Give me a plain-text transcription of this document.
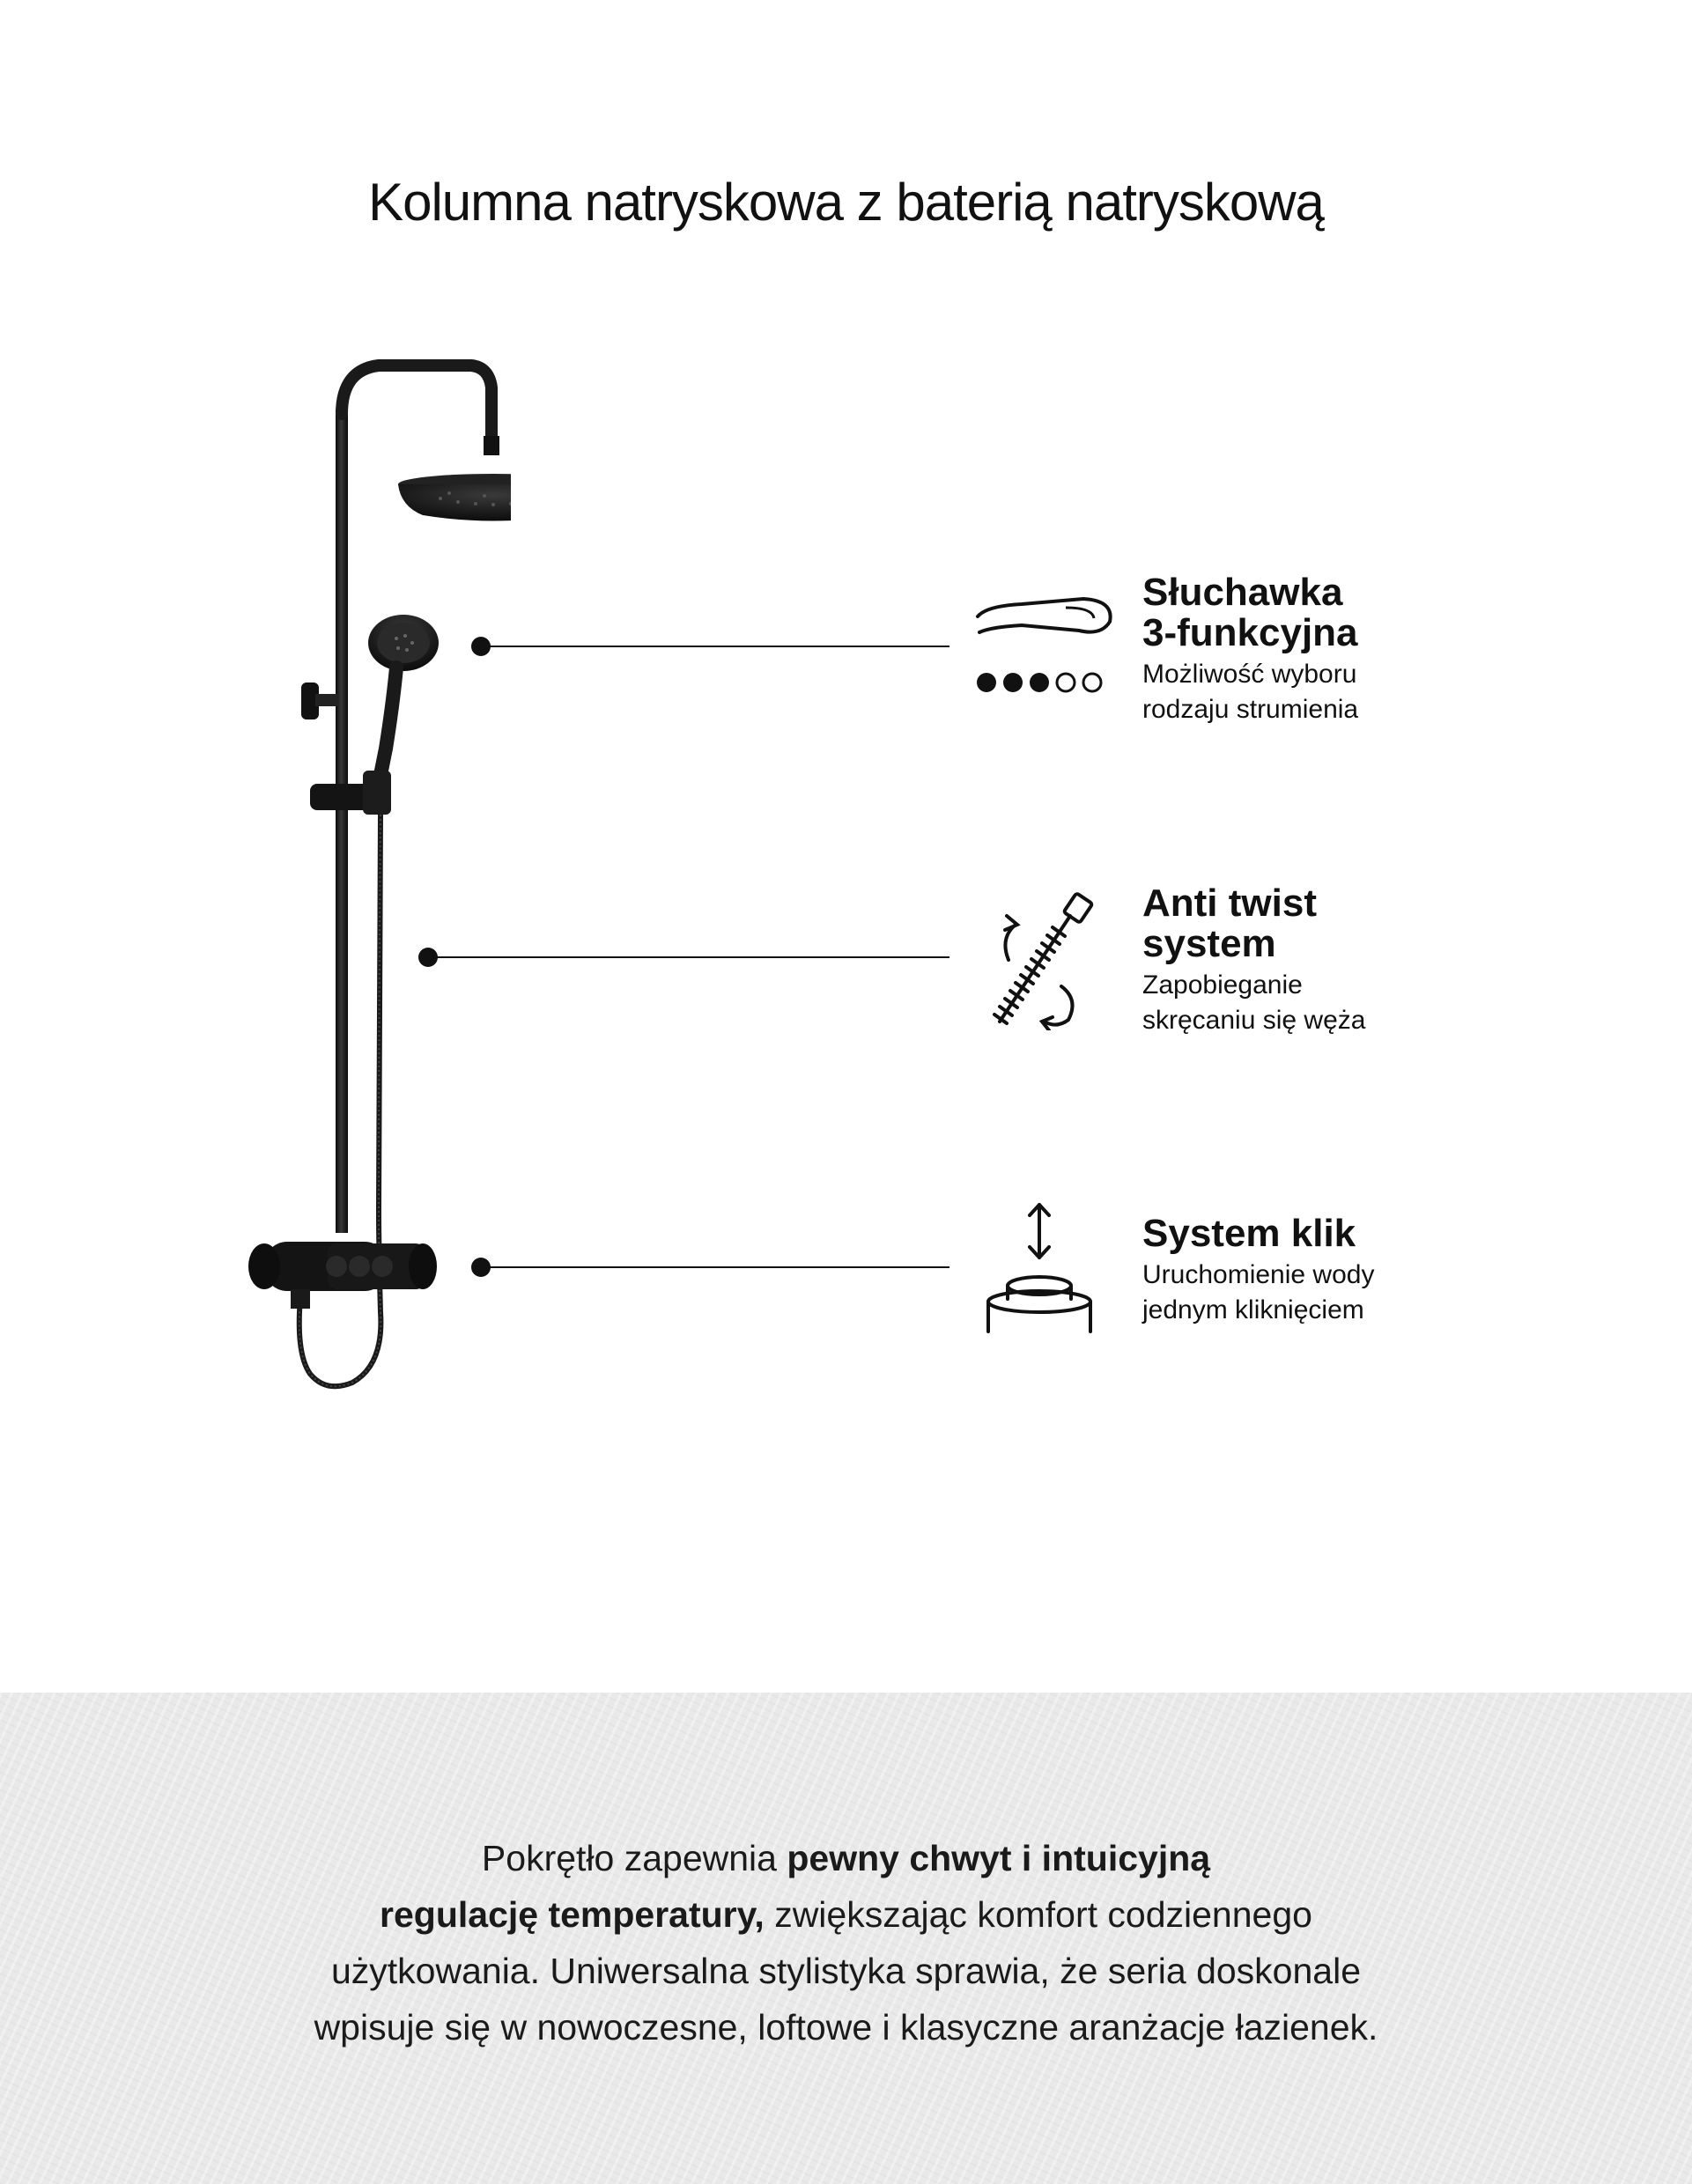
Kolumna natryskowa z baterią natryskową
Słuchawka
3-funkcyjna

Możliwość wyboru
rodzaju strumienia

Anti twist
system

Zapobieganie
skręcaniu się węża

System klik

Uruchomienie wody
jednym kliknięciem

Pokrętło zapewnia pewny chwyt i intuicyjną
regulację temperatury, zwiększając komfort codziennego
użytkowania. Uniwersalna stylistyka sprawia, że seria doskonale
wpisuje się w nowoczesne, loftowe i klasyczne aranżacje łazienek.
